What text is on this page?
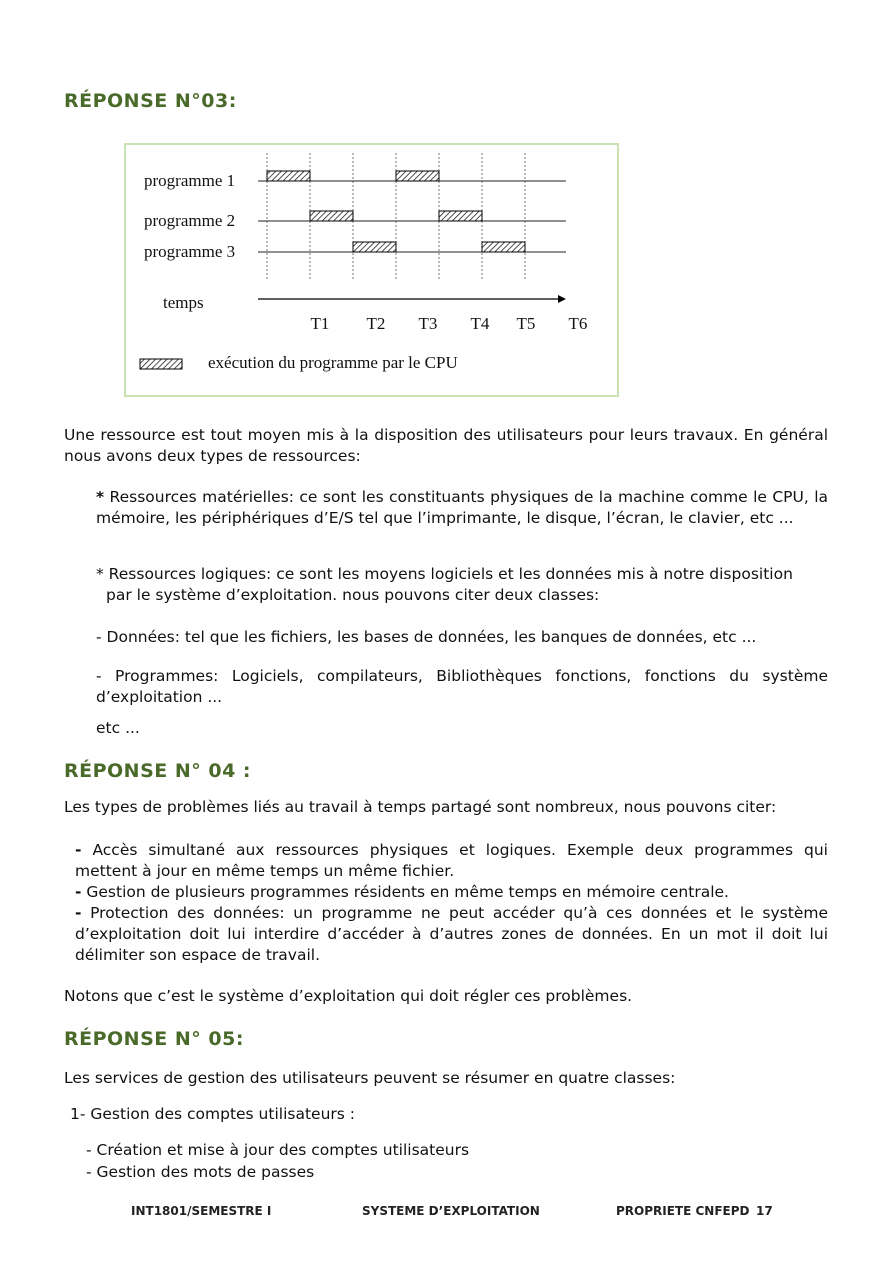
RÉPONSE N°03:
programme 1
programme 2
programme 3
T1 T2 T3 T4 T5 T6
exécution du programme par le CPU
temps

Une ressource est tout moyen mis à la disposition des utilisateurs pour leurs travaux. En général nous avons deux types de ressources:

* Ressources matérielles: ce sont les constituants physiques de la machine comme le CPU, la mémoire, les périphériques d’E/S tel que l’imprimante, le disque, l’écran, le clavier, etc ...

* Ressources logiques: ce sont les moyens logiciels et les données mis à notre disposition

par le système d’exploitation. nous pouvons citer deux classes:

- Données: tel que les fichiers, les bases de données, les banques de données, etc ...

- Programmes: Logiciels, compilateurs, Bibliothèques fonctions, fonctions du système d’exploitation ...

etc ...

RÉPONSE N° 04 :

Les types de problèmes liés au travail à temps partagé sont nombreux, nous pouvons citer:

- Accès simultané aux ressources physiques et logiques. Exemple deux programmes qui mettent à jour en même temps un même fichier.

- Gestion de plusieurs programmes résidents en même temps en mémoire centrale.

- Protection des données: un programme ne peut accéder qu’à ces données et le système d’exploitation doit lui interdire d’accéder à d’autres zones de données. En un mot il doit lui délimiter son espace de travail.

Notons que c’est le système d’exploitation qui doit régler ces problèmes.

RÉPONSE N° 05:

Les services de gestion des utilisateurs peuvent se résumer en quatre classes:

1- Gestion des comptes utilisateurs :

- Création et mise à jour des comptes utilisateurs

- Gestion des mots de passes

INT1801/SEMESTRE I	SYSTEME D’EXPLOITATION	PROPRIETE CNFEPD 17
